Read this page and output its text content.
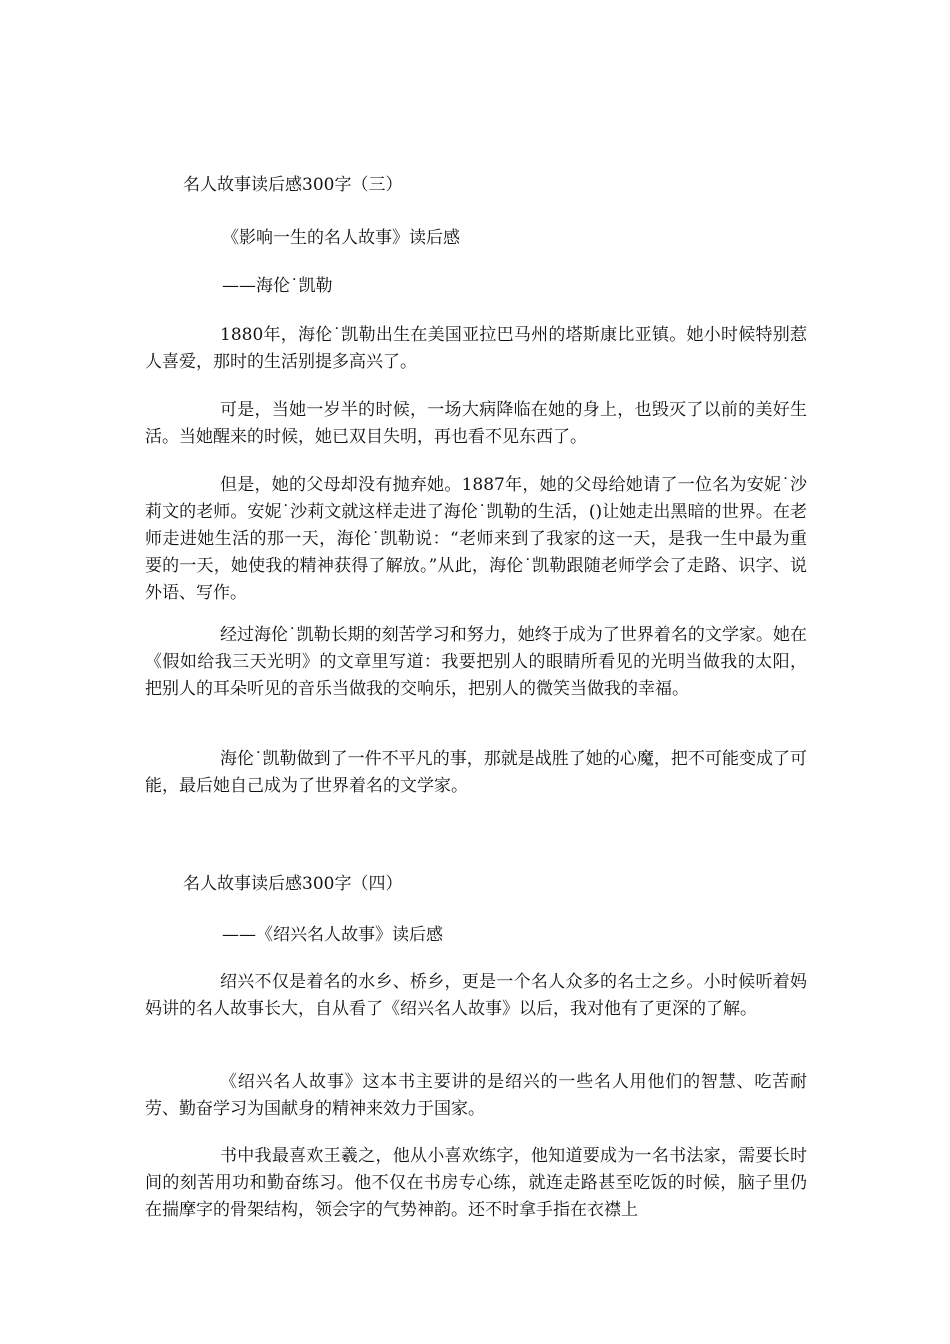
名人故事读后感300字（三）
《影响一生的名人故事》读后感
——海伦˙凯勒

1880年，海伦˙凯勒出生在美国亚拉巴马州的塔斯康比亚镇。她小时候特别惹人喜爱，那时的生活别提多高兴了。

可是，当她一岁半的时候，一场大病降临在她的身上，也毁灭了以前的美好生活。当她醒来的时候，她已双目失明，再也看不见东西了。

但是，她的父母却没有抛弃她。1887年，她的父母给她请了一位名为安妮˙沙莉文的老师。安妮˙沙莉文就这样走进了海伦˙凯勒的生活，()让她走出黑暗的世界。在老师走进她生活的那一天，海伦˙凯勒说：“老师来到了我家的这一天，是我一生中最为重要的一天，她使我的精神获得了解放。”从此，海伦˙凯勒跟随老师学会了走路、识字、说外语、写作。

经过海伦˙凯勒长期的刻苦学习和努力，她终于成为了世界着名的文学家。她在《假如给我三天光明》的文章里写道：我要把别人的眼睛所看见的光明当做我的太阳，把别人的耳朵听见的音乐当做我的交响乐，把别人的微笑当做我的幸福。

海伦˙凯勒做到了一件不平凡的事，那就是战胜了她的心魔，把不可能变成了可能，最后她自己成为了世界着名的文学家。

名人故事读后感300字（四）
——《绍兴名人故事》读后感

绍兴不仅是着名的水乡、桥乡，更是一个名人众多的名士之乡。小时候听着妈妈讲的名人故事长大，自从看了《绍兴名人故事》以后，我对他有了更深的了解。

《绍兴名人故事》这本书主要讲的是绍兴的一些名人用他们的智慧、吃苦耐劳、勤奋学习为国献身的精神来效力于国家。

书中我最喜欢王羲之，他从小喜欢练字，他知道要成为一名书法家，需要长时间的刻苦用功和勤奋练习。他不仅在书房专心练，就连走路甚至吃饭的时候，脑子里仍在揣摩字的骨架结构，领会字的气势神韵。还不时拿手指在衣襟上
